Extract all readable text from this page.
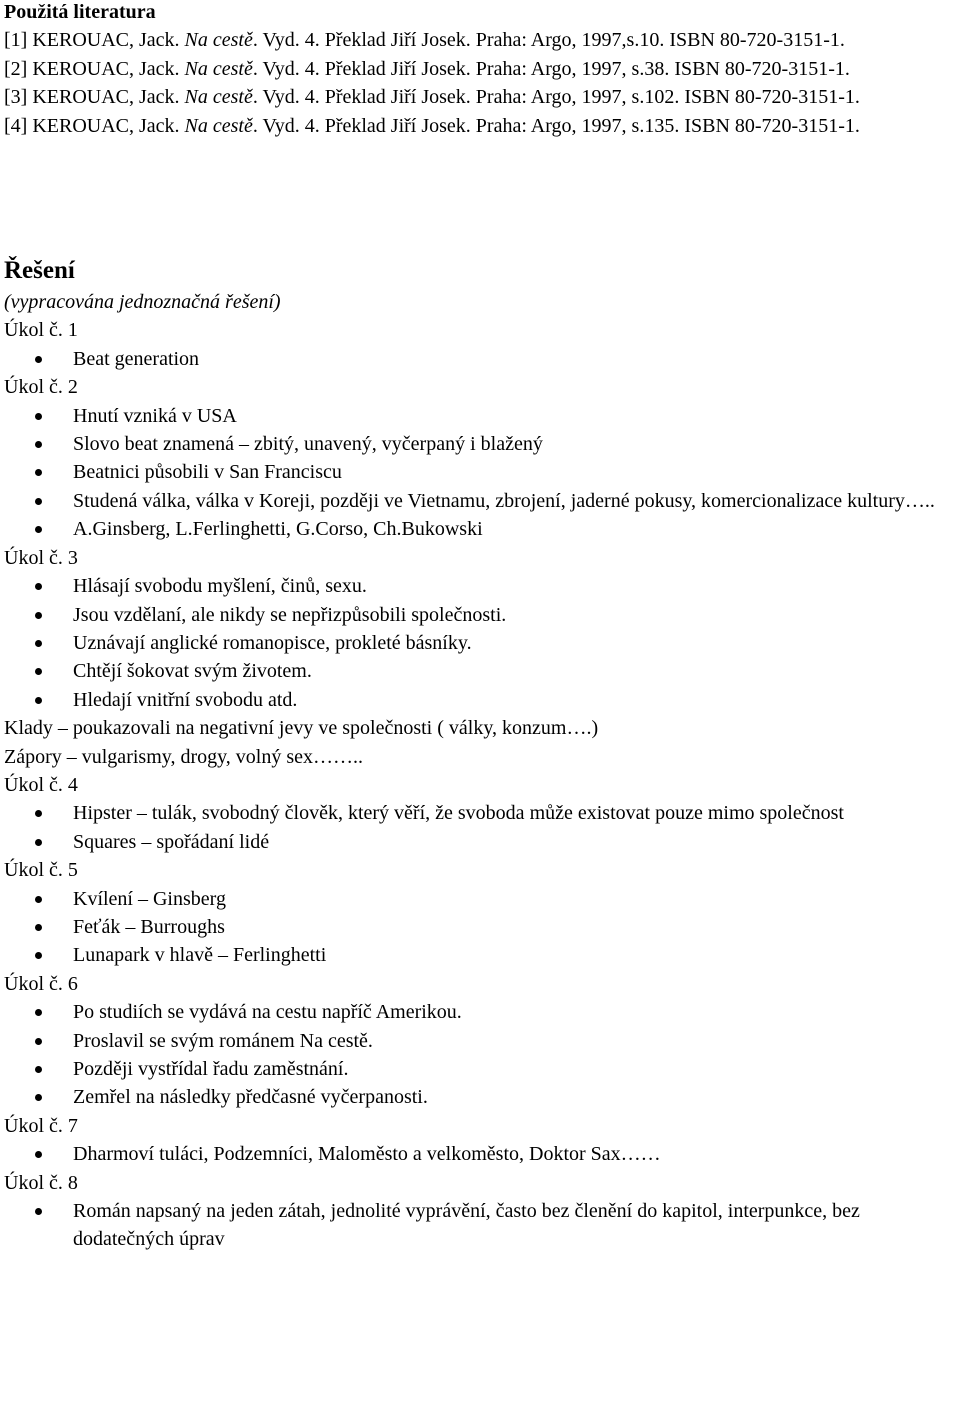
Použitá literatura
[1] KEROUAC, Jack. Na cestě. Vyd. 4. Překlad Jiří Josek. Praha: Argo, 1997,s.10. ISBN 80-720-3151-1.
[2] KEROUAC, Jack. Na cestě. Vyd. 4. Překlad Jiří Josek. Praha: Argo, 1997, s.38. ISBN 80-720-3151-1.
[3] KEROUAC, Jack. Na cestě. Vyd. 4. Překlad Jiří Josek. Praha: Argo, 1997, s.102. ISBN 80-720-3151-1.
[4] KEROUAC, Jack. Na cestě. Vyd. 4. Překlad Jiří Josek. Praha: Argo, 1997, s.135. ISBN 80-720-3151-1.
Řešení
(vypracována jednoznačná řešení)
Úkol č. 1
Beat generation
Úkol č. 2
Hnutí vzniká v USA
Slovo beat znamená – zbitý, unavený, vyčerpaný i blažený
Beatnici působili v San Franciscu
Studená válka, válka v Koreji, později ve Vietnamu, zbrojení, jaderné pokusy, komercionalizace kultury…..
A.Ginsberg, L.Ferlinghetti, G.Corso, Ch.Bukowski
Úkol č. 3
Hlásají svobodu myšlení, činů, sexu.
Jsou vzdělaní, ale nikdy se nepřizpůsobili společnosti.
Uznávají anglické romanopisce, prokleté básníky.
Chtějí šokovat svým životem.
Hledají vnitřní svobodu atd.
Klady – poukazovali na negativní jevy ve společnosti ( války, konzum….)
Zápory – vulgarismy, drogy, volný sex……..
Úkol č. 4
Hipster – tulák, svobodný člověk, který věří, že svoboda může existovat pouze mimo společnost
Squares – spořádaní lidé
Úkol č. 5
Kvílení – Ginsberg
Feťák – Burroughs
Lunapark v hlavě – Ferlinghetti
Úkol č. 6
Po studiích se vydává na cestu napříč Amerikou.
Proslavil se svým románem Na cestě.
Později vystřídal řadu zaměstnání.
Zemřel na následky předčasné vyčerpanosti.
Úkol č. 7
Dharmoví tuláci, Podzemníci, Maloměsto a velkoměsto, Doktor Sax……
Úkol č. 8
Román napsaný na jeden zátah, jednolité vyprávění, často bez členění do kapitol, interpunkce, bez dodatečných úprav
